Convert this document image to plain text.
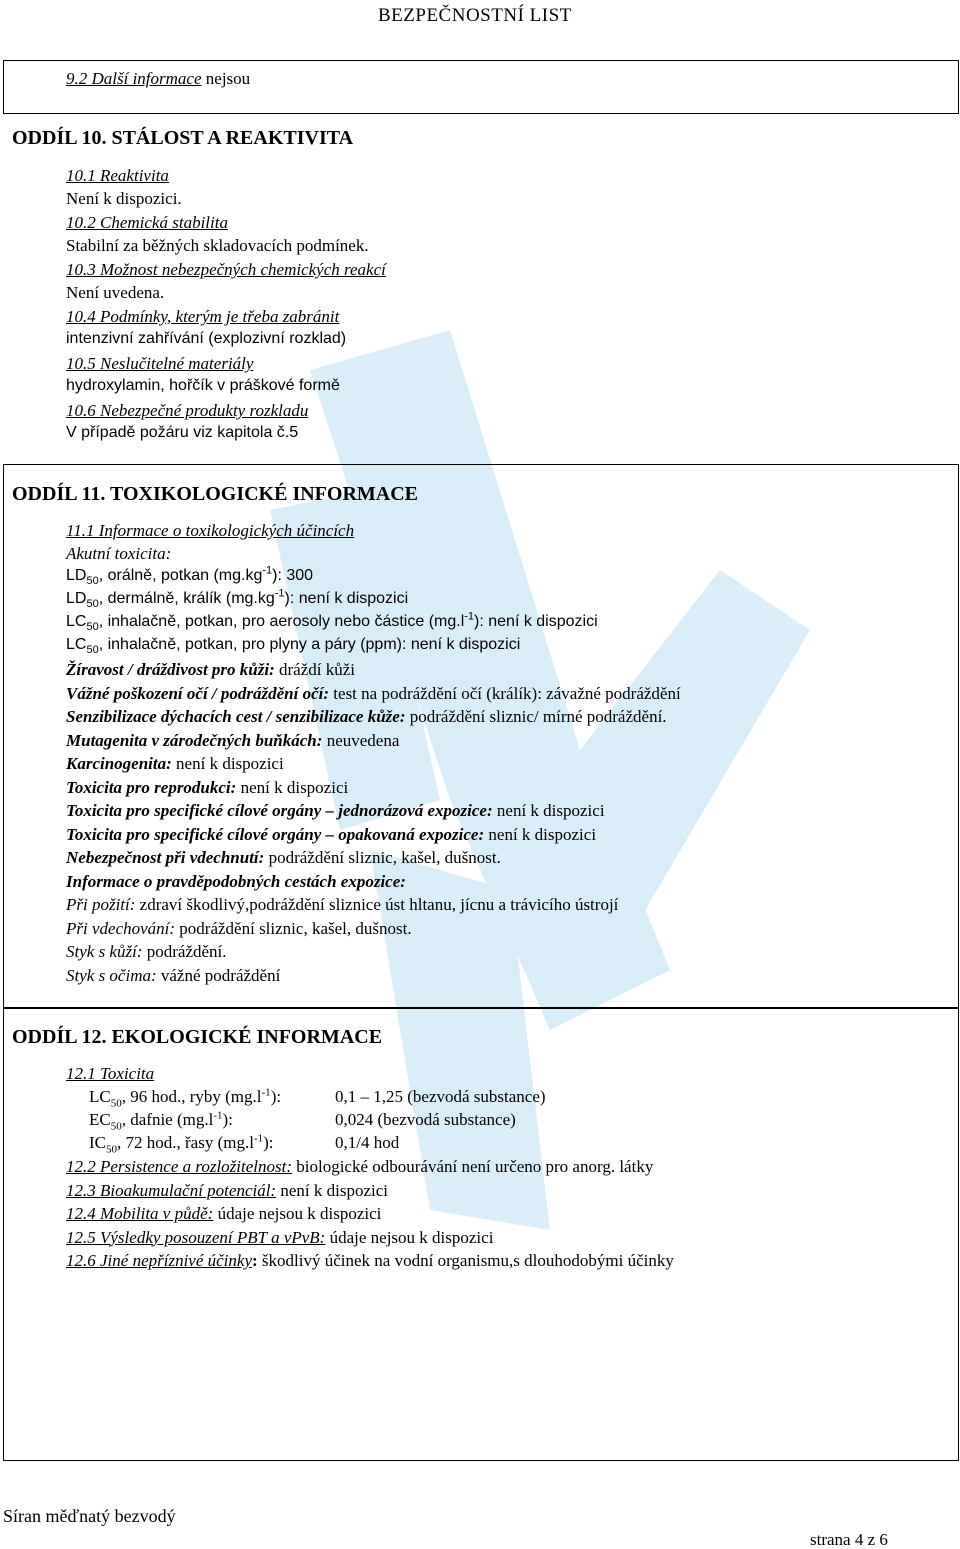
BEZPEČNOSTNÍ LIST
9.2 Další informace nejsou
ODDÍL 10. STÁLOST A REAKTIVITA
10.1 Reaktivita
Není k dispozici.
10.2 Chemická stabilita
Stabilní za běžných skladovacích podmínek.
10.3 Možnost nebezpečných chemických reakcí
Není uvedena.
10.4 Podmínky, kterým je třeba zabránit
intenzivní zahřívání (explozivní rozklad)
10.5 Neslučitelné materiály
hydroxylamin, hořčík v práškové formě
10.6 Nebezpečné produkty rozkladu
V případě požáru viz kapitola č.5
ODDÍL 11. TOXIKOLOGICKÉ INFORMACE
11.1 Informace o toxikologických účincích
Akutní toxicita:
$LD_{50}$, orálně, potkan $(mg.kg^{-1})$: 300
$LD_{50}$, dermálně, králík $(mg.kg^{-1})$: není k dispozici
$LC_{50}$, inhalačně, potkan, pro aerosoly nebo částice $(mg.l^{-1})$: není k dispozici
$LC_{50}$, inhalačně, potkan, pro plyny a páry (ppm): není k dispozici
Žíravost / dráždivost pro kůži: dráždí kůži
Vážné poškození očí / podráždění očí: test na podráždění očí (králík): závažné podráždění
Senzibilizace dýchacích cest / senzibilizace kůže: podráždění sliznic/ mírné podráždění.
Mutagenita v zárodečných buňkách: neuvedena
Karcinogenita: není k dispozici
Toxicita pro reprodukci: není k dispozici
Toxicita pro specifické cílové orgány – jednorázová expozice: není k dispozici
Toxicita pro specifické cílové orgány – opakovaná expozice: není k dispozici
Nebezpečnost při vdechnutí: podráždění sliznic, kašel, dušnost.
Informace o pravděpodobných cestách expozice:
Při požití: zdraví škodlivý,podráždění sliznice úst hltanu, jícnu a trávicího ústrojí
Při vdechování: podráždění sliznic, kašel, dušnost.
Styk s kůží: podráždění.
Styk s očima: vážné podráždění
ODDÍL 12. EKOLOGICKÉ INFORMACE
12.1 Toxicita
$LC_{50}$, 96 hod., ryby $(mg.l^{-1})$:	0,1 – 1,25 (bezvodá substance)
$EC_{50}$, dafnie $(mg.l^{-1})$:	0,024 (bezvodá substance)
$IC_{50}$, 72 hod., řasy $(mg.l^{-1})$:	0,1/4 hod
12.2 Persistence a rozložitelnost: biologické odbourávání není určeno pro anorg. látky
12.3 Bioakumulační potenciál: není k dispozici
12.4 Mobilita v půdě: údaje nejsou k dispozici
12.5 Výsledky posouzení PBT a vPvB: údaje nejsou k dispozici
12.6 Jiné nepříznivé účinky: škodlivý účinek na vodní organismu,s dlouhodobými účinky
Síran měďnatý bezvodý
strana 4 z 6
